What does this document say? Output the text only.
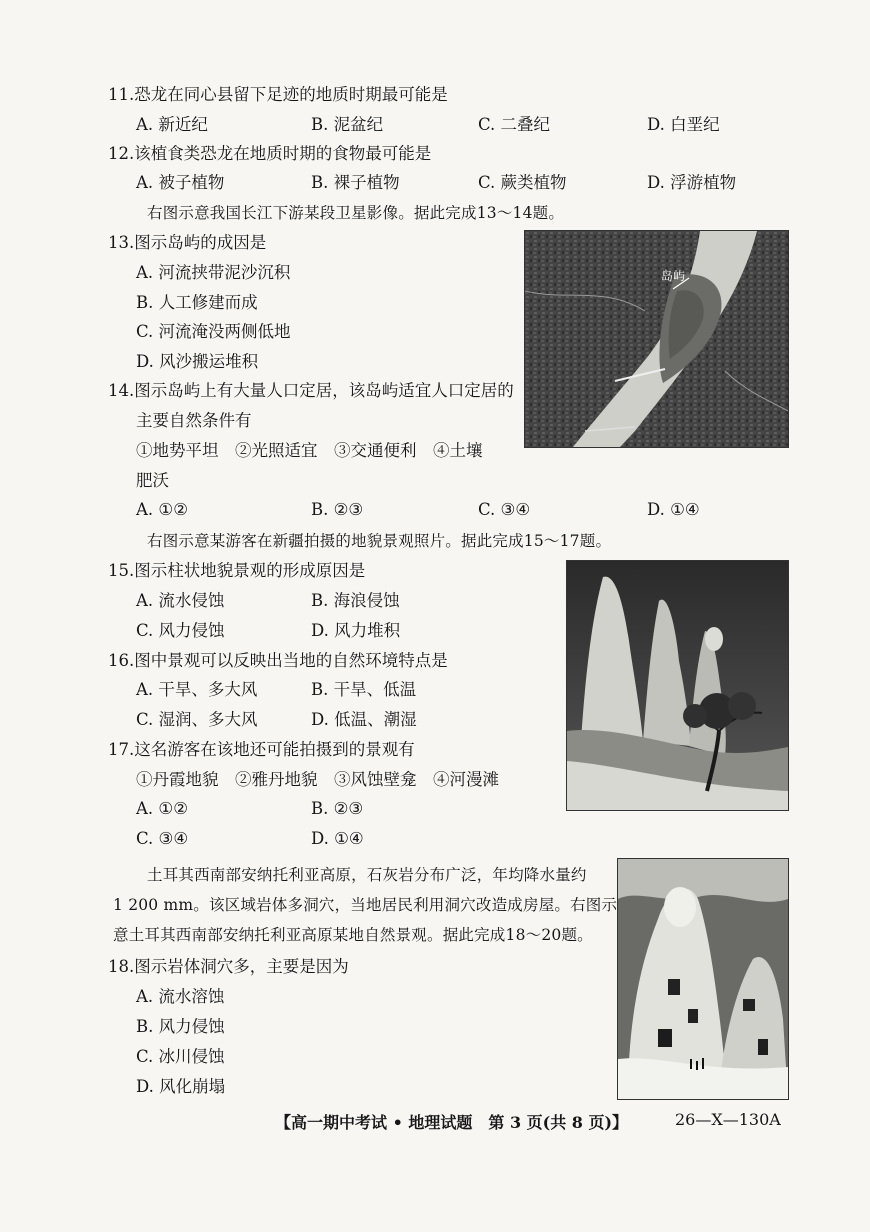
11.恐龙在同心县留下足迹的地质时期最可能是
A. 新近纪	B. 泥盆纪	C. 二叠纪	D. 白垩纪
12.该植食类恐龙在地质时期的食物最可能是
A. 被子植物	B. 裸子植物	C. 蕨类植物	D. 浮游植物
右图示意我国长江下游某段卫星影像。据此完成13～14题。
岛屿
13.图示岛屿的成因是
A. 河流挟带泥沙沉积
B. 人工修建而成
C. 河流淹没两侧低地
D. 风沙搬运堆积
14.图示岛屿上有大量人口定居，该岛屿适宜人口定居的
主要自然条件有
①地势平坦　②光照适宜　③交通便利　④土壤
肥沃
A. ①②	B. ②③	C. ③④	D. ①④
右图示意某游客在新疆拍摄的地貌景观照片。据此完成15～17题。
15.图示柱状地貌景观的形成原因是
A. 流水侵蚀	B. 海浪侵蚀
C. 风力侵蚀	D. 风力堆积
16.图中景观可以反映出当地的自然环境特点是
A. 干旱、多大风	B. 干旱、低温
C. 湿润、多大风	D. 低温、潮湿
17.这名游客在该地还可能拍摄到的景观有
①丹霞地貌　②雅丹地貌　③风蚀壁龛　④河漫滩
A. ①②	B. ②③
C. ③④	D. ①④
土耳其西南部安纳托利亚高原，石灰岩分布广泛，年均降水量约
1 200 mm。该区域岩体多洞穴，当地居民利用洞穴改造成房屋。右图示
意土耳其西南部安纳托利亚高原某地自然景观。据此完成18～20题。
18.图示岩体洞穴多，主要是因为
A. 流水溶蚀
B. 风力侵蚀
C. 冰川侵蚀
D. 风化崩塌
【高一期中考试 • 地理试题　第 3 页(共 8 页)】	26—X—130A
